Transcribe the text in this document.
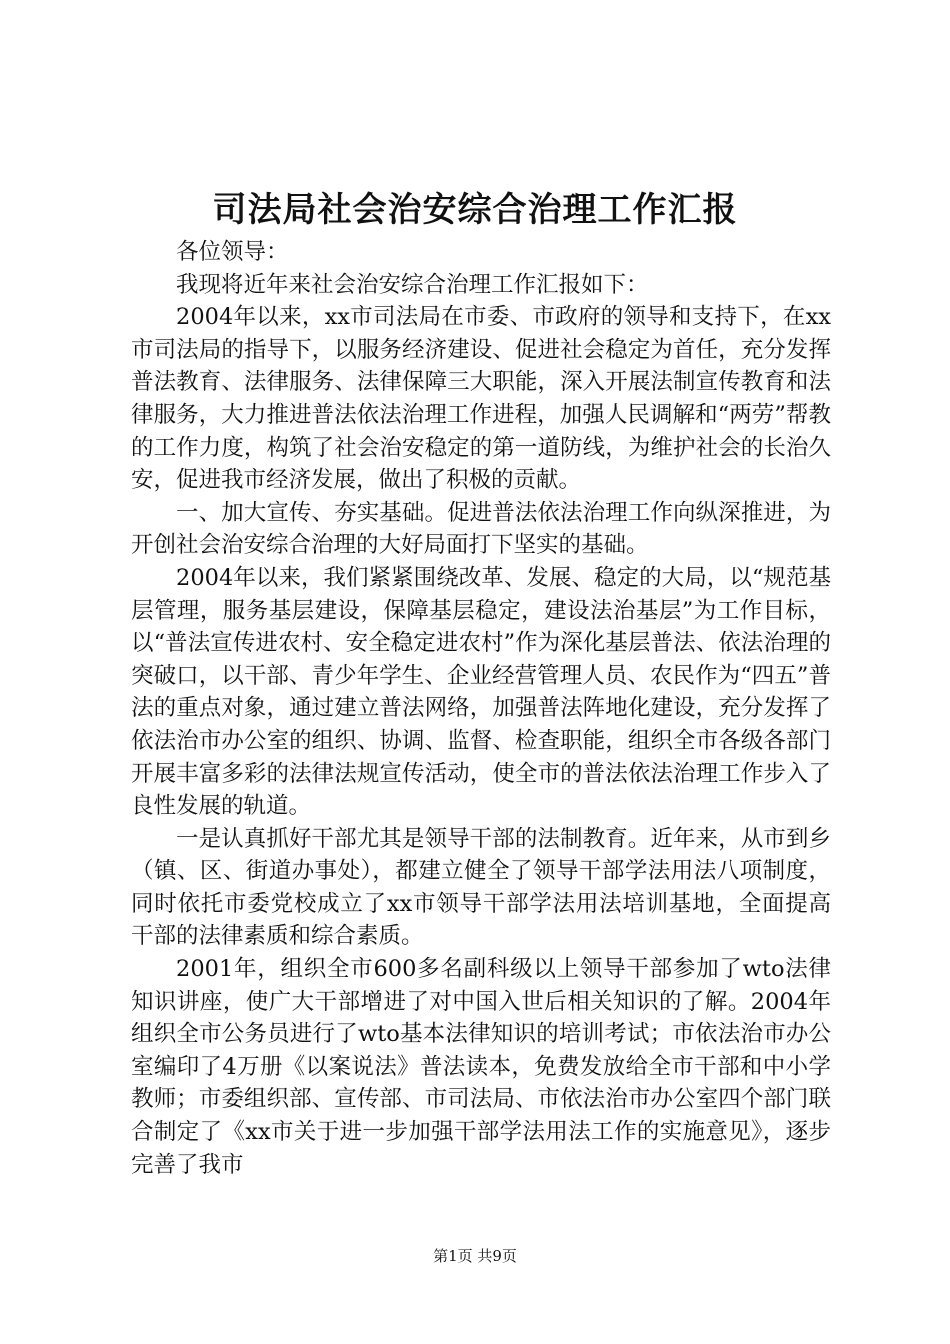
司法局社会治安综合治理工作汇报

各位领导：

我现将近年来社会治安综合治理工作汇报如下：

2004年以来，xx市司法局在市委、市政府的领导和支持下，在xx市司法局的指导下，以服务经济建设、促进社会稳定为首任，充分发挥普法教育、法律服务、法律保障三大职能，深入开展法制宣传教育和法律服务，大力推进普法依法治理工作进程，加强人民调解和“两劳”帮教的工作力度，构筑了社会治安稳定的第一道防线，为维护社会的长治久安，促进我市经济发展，做出了积极的贡献。

一、加大宣传、夯实基础。促进普法依法治理工作向纵深推进，为开创社会治安综合治理的大好局面打下坚实的基础。

2004年以来，我们紧紧围绕改革、发展、稳定的大局，以“规范基层管理，服务基层建设，保障基层稳定，建设法治基层”为工作目标，以“普法宣传进农村、安全稳定进农村”作为深化基层普法、依法治理的突破口，以干部、青少年学生、企业经营管理人员、农民作为“四五”普法的重点对象，通过建立普法网络，加强普法阵地化建设，充分发挥了依法治市办公室的组织、协调、监督、检查职能，组织全市各级各部门开展丰富多彩的法律法规宣传活动，使全市的普法依法治理工作步入了良性发展的轨道。

一是认真抓好干部尤其是领导干部的法制教育。近年来，从市到乡（镇、区、街道办事处），都建立健全了领导干部学法用法八项制度，同时依托市委党校成立了xx市领导干部学法用法培训基地，全面提高干部的法律素质和综合素质。

2001年，组织全市600多名副科级以上领导干部参加了wto法律知识讲座，使广大干部增进了对中国入世后相关知识的了解。2004年组织全市公务员进行了wto基本法律知识的培训考试；市依法治市办公室编印了4万册《以案说法》普法读本，免费发放给全市干部和中小学教师；市委组织部、宣传部、市司法局、市依法治市办公室四个部门联合制定了《xx市关于进一步加强干部学法用法工作的实施意见》，逐步完善了我市

第1页 共9页
